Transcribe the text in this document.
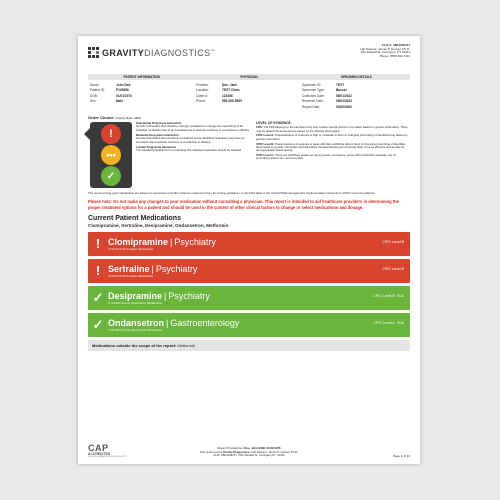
GRAVITYDIAGNOSTICS™
CLIA #: 18D1106471
Lab Director: James P. Cormer, Ph.D.
812 Russell St. Covington, KY 41011
Phone: (855) 841-7111
PATIENT INFORMATION	PHYSICIAN	SPECIMEN DETAILS
Name:	John Doe
Patient ID:	P125656
DOB:	01/01/1970
Sex:	Male
Provider:	Doe, Jane
Location:	TEST Clinic
Client #:	123456
Phone:	555-555-5555
Specimen ID:	TEST
Specimen Type:	Buccal
Collection Date:	08/01/2022
Received Date:	09/02/2022
Report Date:	09/20/2022
Order Choice: Gravity Rate -NEW
!
•••
✓
Substantial Drug-Gene Interaction
Genetic information that should be strongly considered to change the prescribing of the indicated medication due to an increased risk of adverse reactions or a reduction in efficacy.
Moderate Drug-Gene Interaction
Genetic information that should be considered as the identified medication may have an increased risk of adverse reactions or a reduction in efficacy.
Limited Drug-Gene Interaction
The standard precautions for prescribing the indicated medication should be followed.
LEVEL OF EVIDENCE

FDA: The FDA labeling for the identified drug may contain specific actions to be taken based on genetic information. There may be added risk accounted for based on the affected phenotypes.

CPIC Level A: Preponderance of evidence is high or moderate in favor of changing prescribing of identified drug based on genetic information.

CPIC Level B: Preponderance of evidence is weak with little conflicting data in favor of changing prescribing of identified drug based on genetic information and alternative therapies/dosing are extremely likely to be as effective and as safe as non-genetically based dosing.

CPIC Level C: There are published studies at varying levels of evidence, some with mechanistic rationale, but no prescribing actions are recommended.

The reported drug-gene interactions are based on consensus scientific evidence referenced from the dosing guidelines on the FDA label or the Clinical Pharmacogenetics Implementation Consortium (CPIC) recommendations.
Please note: Do not make any changes to your medication without consulting a physician. This report is intended to aid healthcare providers in determining the proper treatment options for a patient and should be used in the context of other clinical factors to change or select medications and dosage.
Current Patient Medications
Clomipramine, Sertraline, Desipramine, Ondansetron, Metformin
! Clomipramine | Psychiatry
CYP2C19 Ultra Rapid Metabolizer
CPIC Level B
! Sertraline | Psychiatry
CYP2C19 Ultra Rapid Metabolizer
CPIC Level B
✓ Desipramine | Psychiatry
CYP2D6 Normal (Extensive) Metabolizer
CPIC Level B, FDA
✓ Ondansetron | Gastroenterology
CYP2D6 Normal (Extensive) Metabolizer
CPIC Level A, FDA
Medications outside the scope of the report: Metformin
CAP
ACCREDITED
COLLEGE of AMERICAN PATHOLOGISTS
Report Provided For: Doe, John DOB: 01/01/1970
Test performed by Gravity Diagnostics | Lab Director: James P. Cormer, Ph.D.
CLIA: 18D1106471 | 812 Russell St. Covington KY, 41011	Page 1 of 12
